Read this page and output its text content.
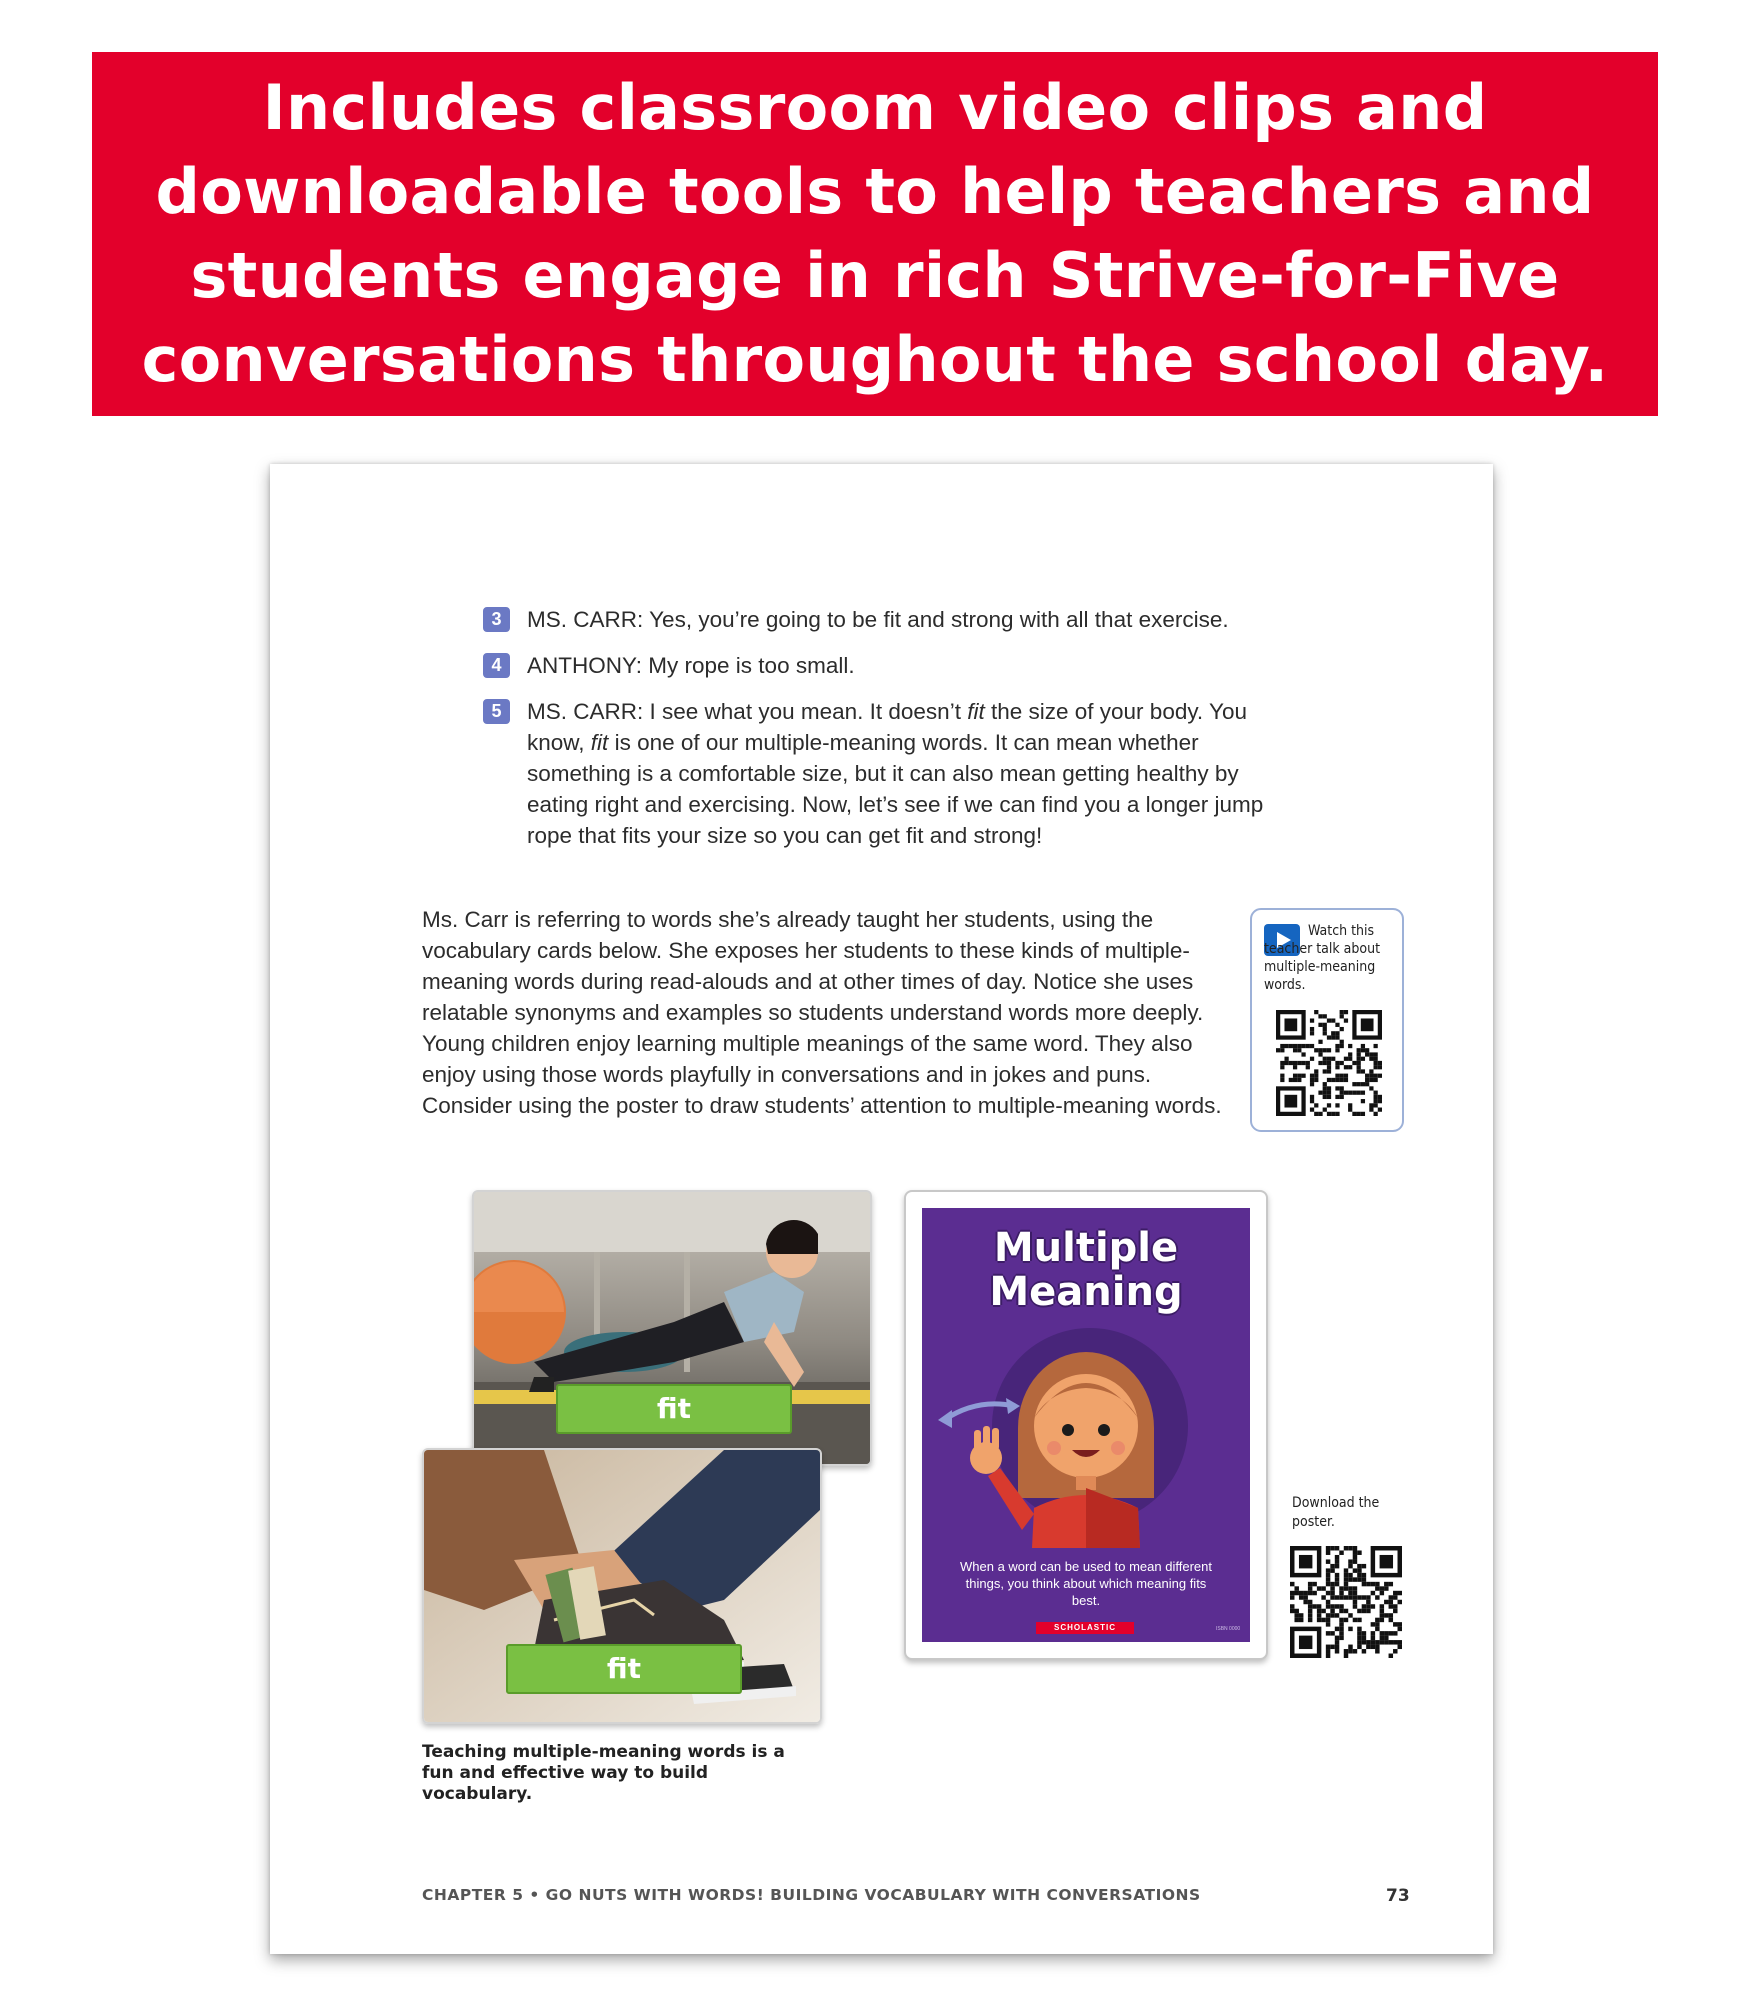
Includes classroom video clips and downloadable tools to help teachers and students engage in rich Strive-for-Five conversations throughout the school day.
3	MS. CARR: Yes, you’re going to be fit and strong with all that exercise.
4	ANTHONY: My rope is too small.
5	MS. CARR: I see what you mean. It doesn’t fit the size of your body. You know, fit is one of our multiple-meaning words. It can mean whether something is a comfortable size, but it can also mean getting healthy by eating right and exercising. Now, let’s see if we can find you a longer jump rope that fits your size so you can get fit and strong!
Ms. Carr is referring to words she’s already taught her students, using the vocabulary cards below. She exposes her students to these kinds of multiple-meaning words during read-alouds and at other times of day. Notice she uses relatable synonyms and examples so students understand words more deeply. Young children enjoy learning multiple meanings of the same word. They also enjoy using those words playfully in conversations and in jokes and puns. Consider using the poster to draw students’ attention to multiple-meaning words.
Watch this teacher talk about multiple-meaning words.
fit
fit
Teaching multiple-meaning words is a fun and effective way to build vocabulary.
Multiple Meaning
When a word can be used to mean different things, you think about which meaning fits best.
SCHOLASTIC	ISBN 0000
Download the poster.
CHAPTER 5 • GO NUTS WITH WORDS! BUILDING VOCABULARY WITH CONVERSATIONS	73
